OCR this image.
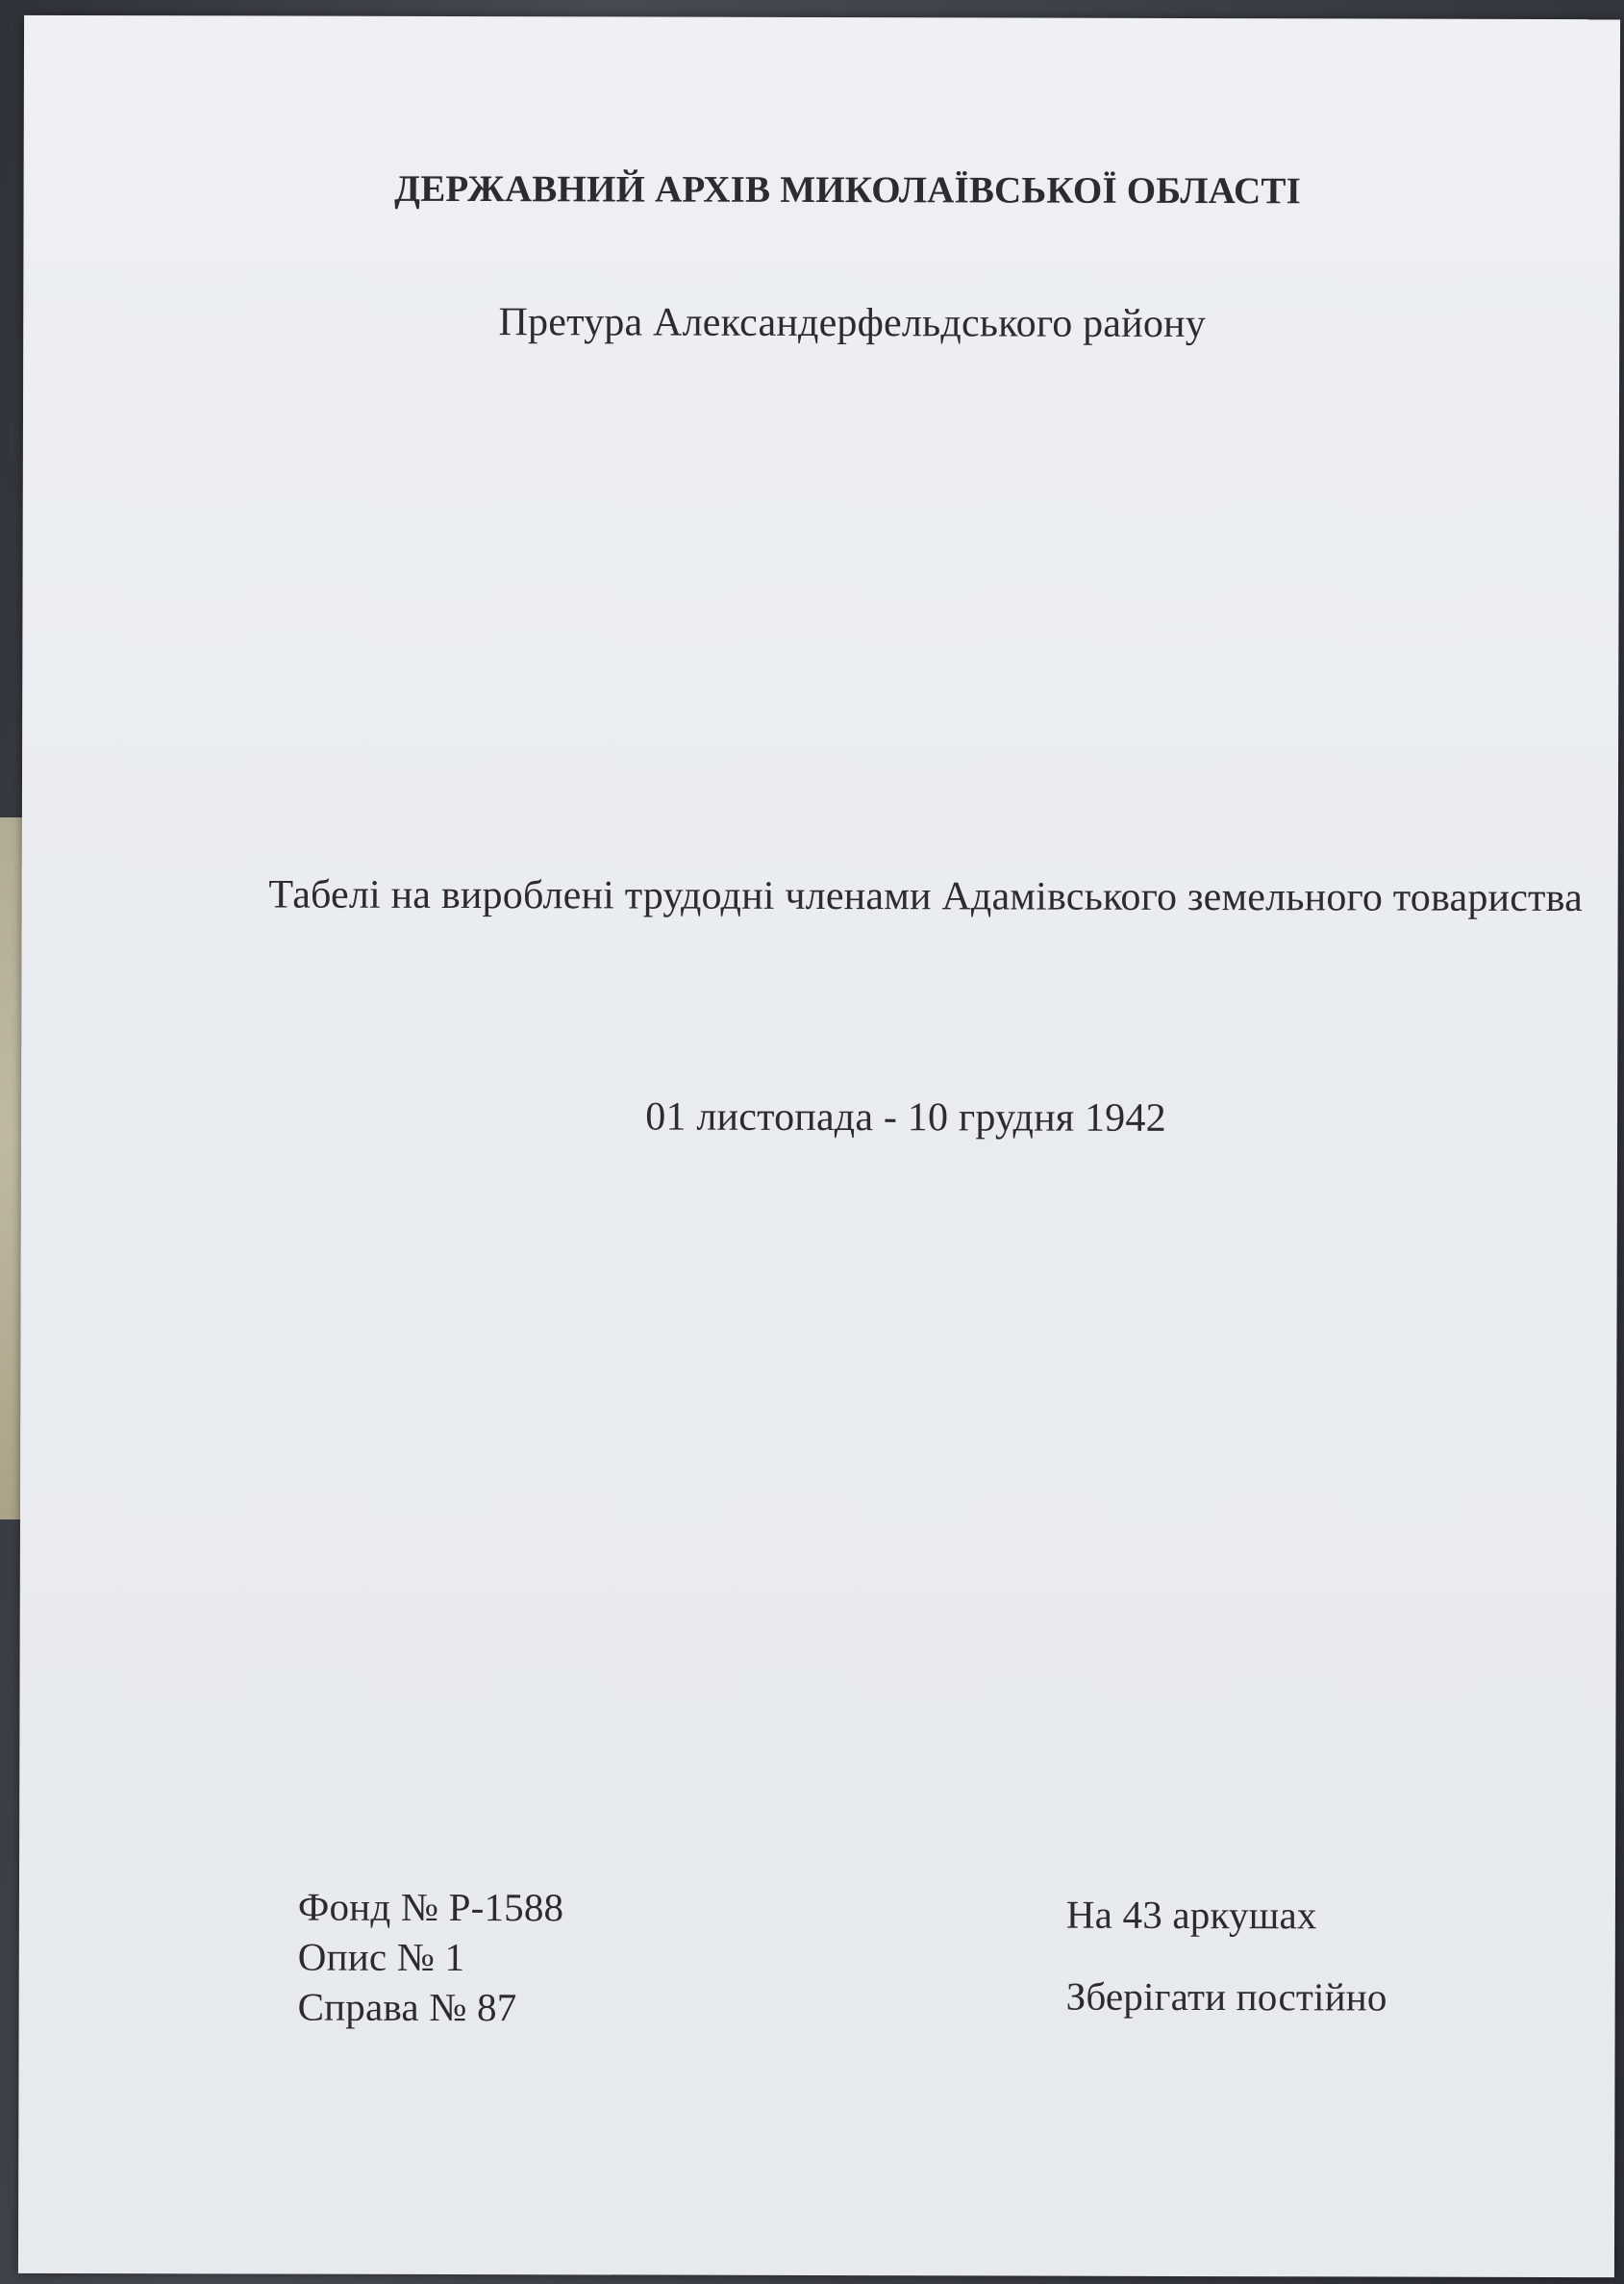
ДЕРЖАВНИЙ АРХІВ МИКОЛАЇВСЬКОЇ ОБЛАСТІ
Претура Александерфельдського району
Табелі на вироблені трудодні членами Адамівського земельного товариства
01 листопада - 10 грудня 1942
Фонд № Р-1588
Опис № 1
Справа № 87
На 43 аркушах
Зберігати постійно
